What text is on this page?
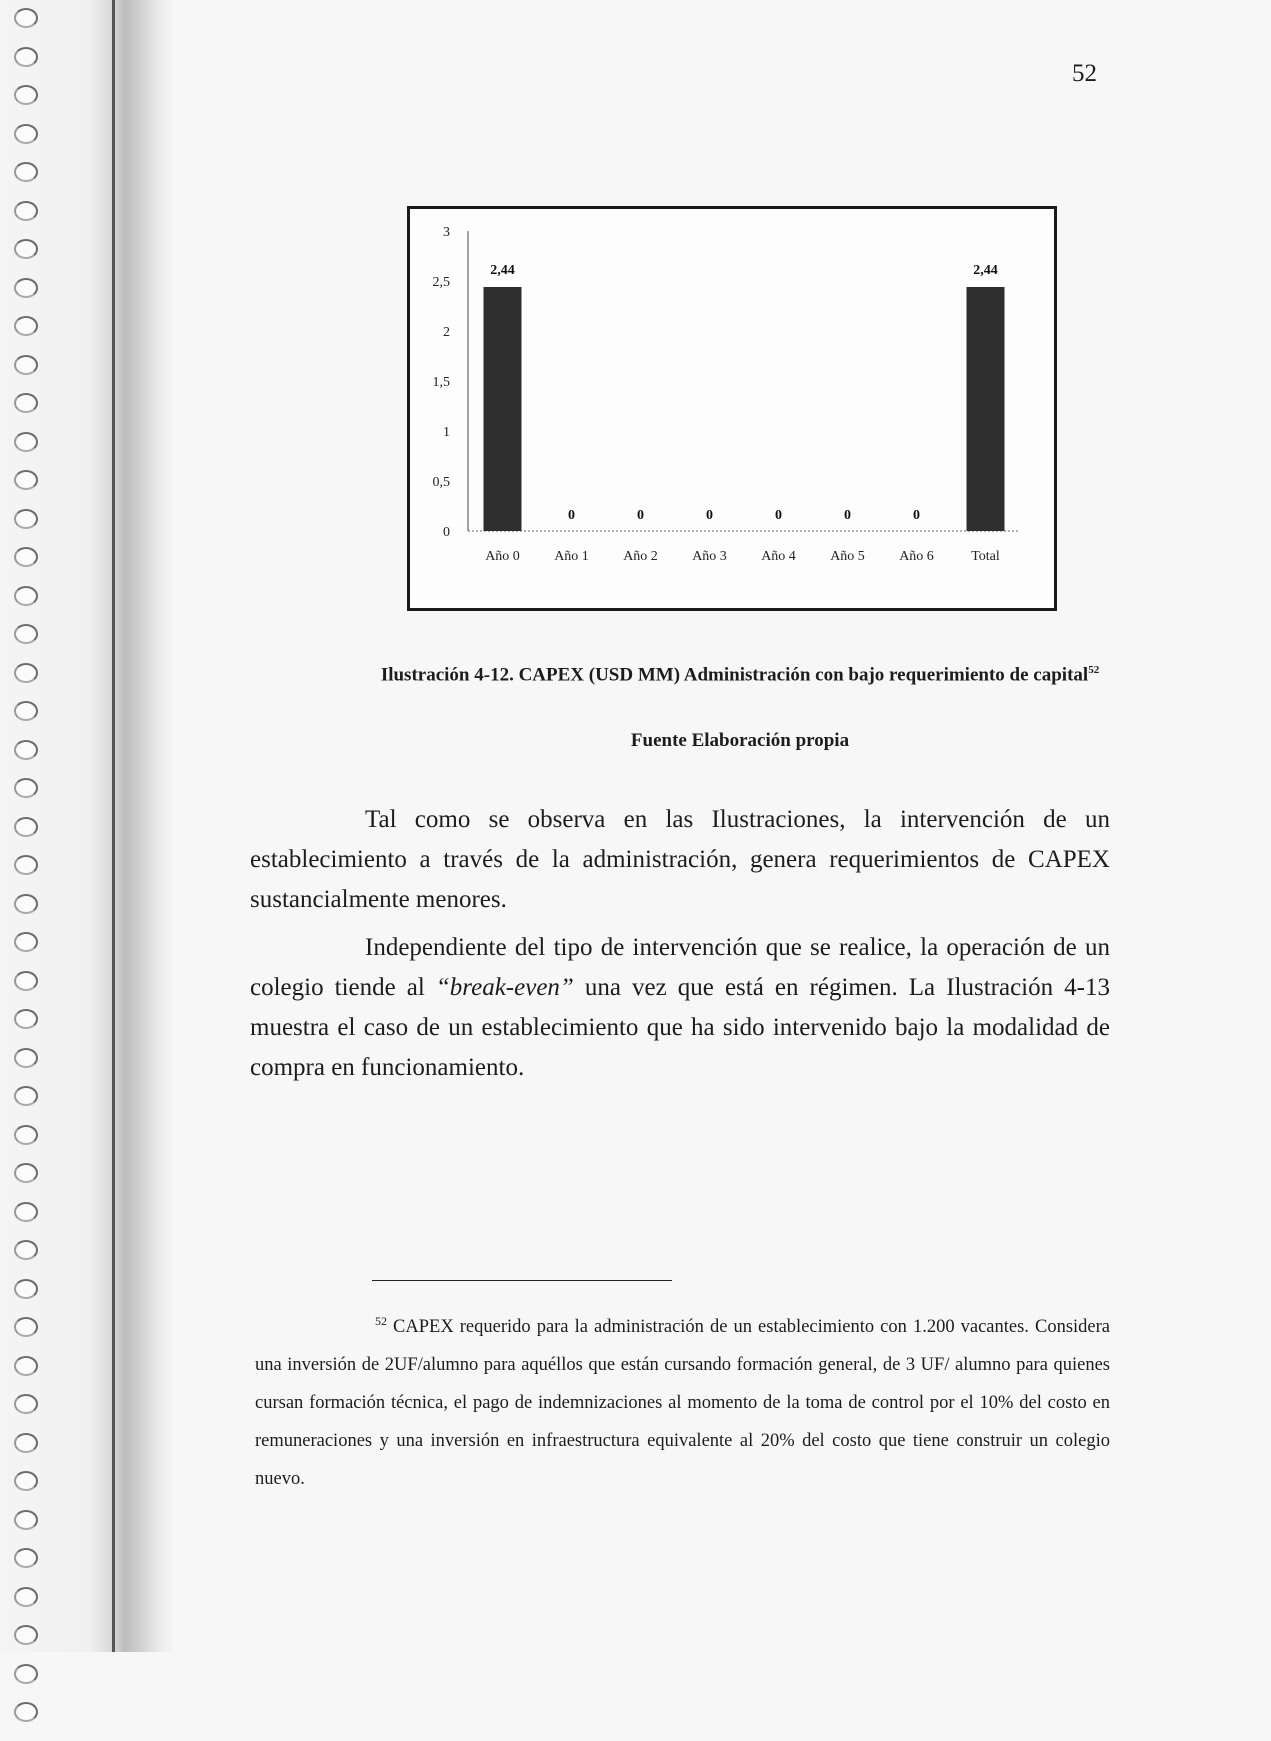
52
0
0,5
1
1,5
2
2,5
3
2,44
Año 0
0
Año 1
0
Año 2
0
Año 3
0
Año 4
0
Año 5
0
Año 6
2,44
Total
Ilustración 4-12. CAPEX (USD MM) Administración con bajo requerimiento de capital$^{52}$
Fuente Elaboración propia
Tal como se observa en las Ilustraciones, la intervención de un establecimiento a través de la administración, genera requerimientos de CAPEX sustancialmente menores.
Independiente del tipo de intervención que se realice, la operación de un colegio tiende al “break-even” una vez que está en régimen. La Ilustración 4-13 muestra el caso de un establecimiento que ha sido intervenido bajo la modalidad de compra en funcionamiento.
$^{52}$ CAPEX requerido para la administración de un establecimiento con 1.200 vacantes. Considera una inversión de 2UF/alumno para aquéllos que están cursando formación general, de 3 UF/ alumno para quienes cursan formación técnica, el pago de indemnizaciones al momento de la toma de control por el 10% del costo en remuneraciones y una inversión en infraestructura equivalente al 20% del costo que tiene construir un colegio nuevo.
